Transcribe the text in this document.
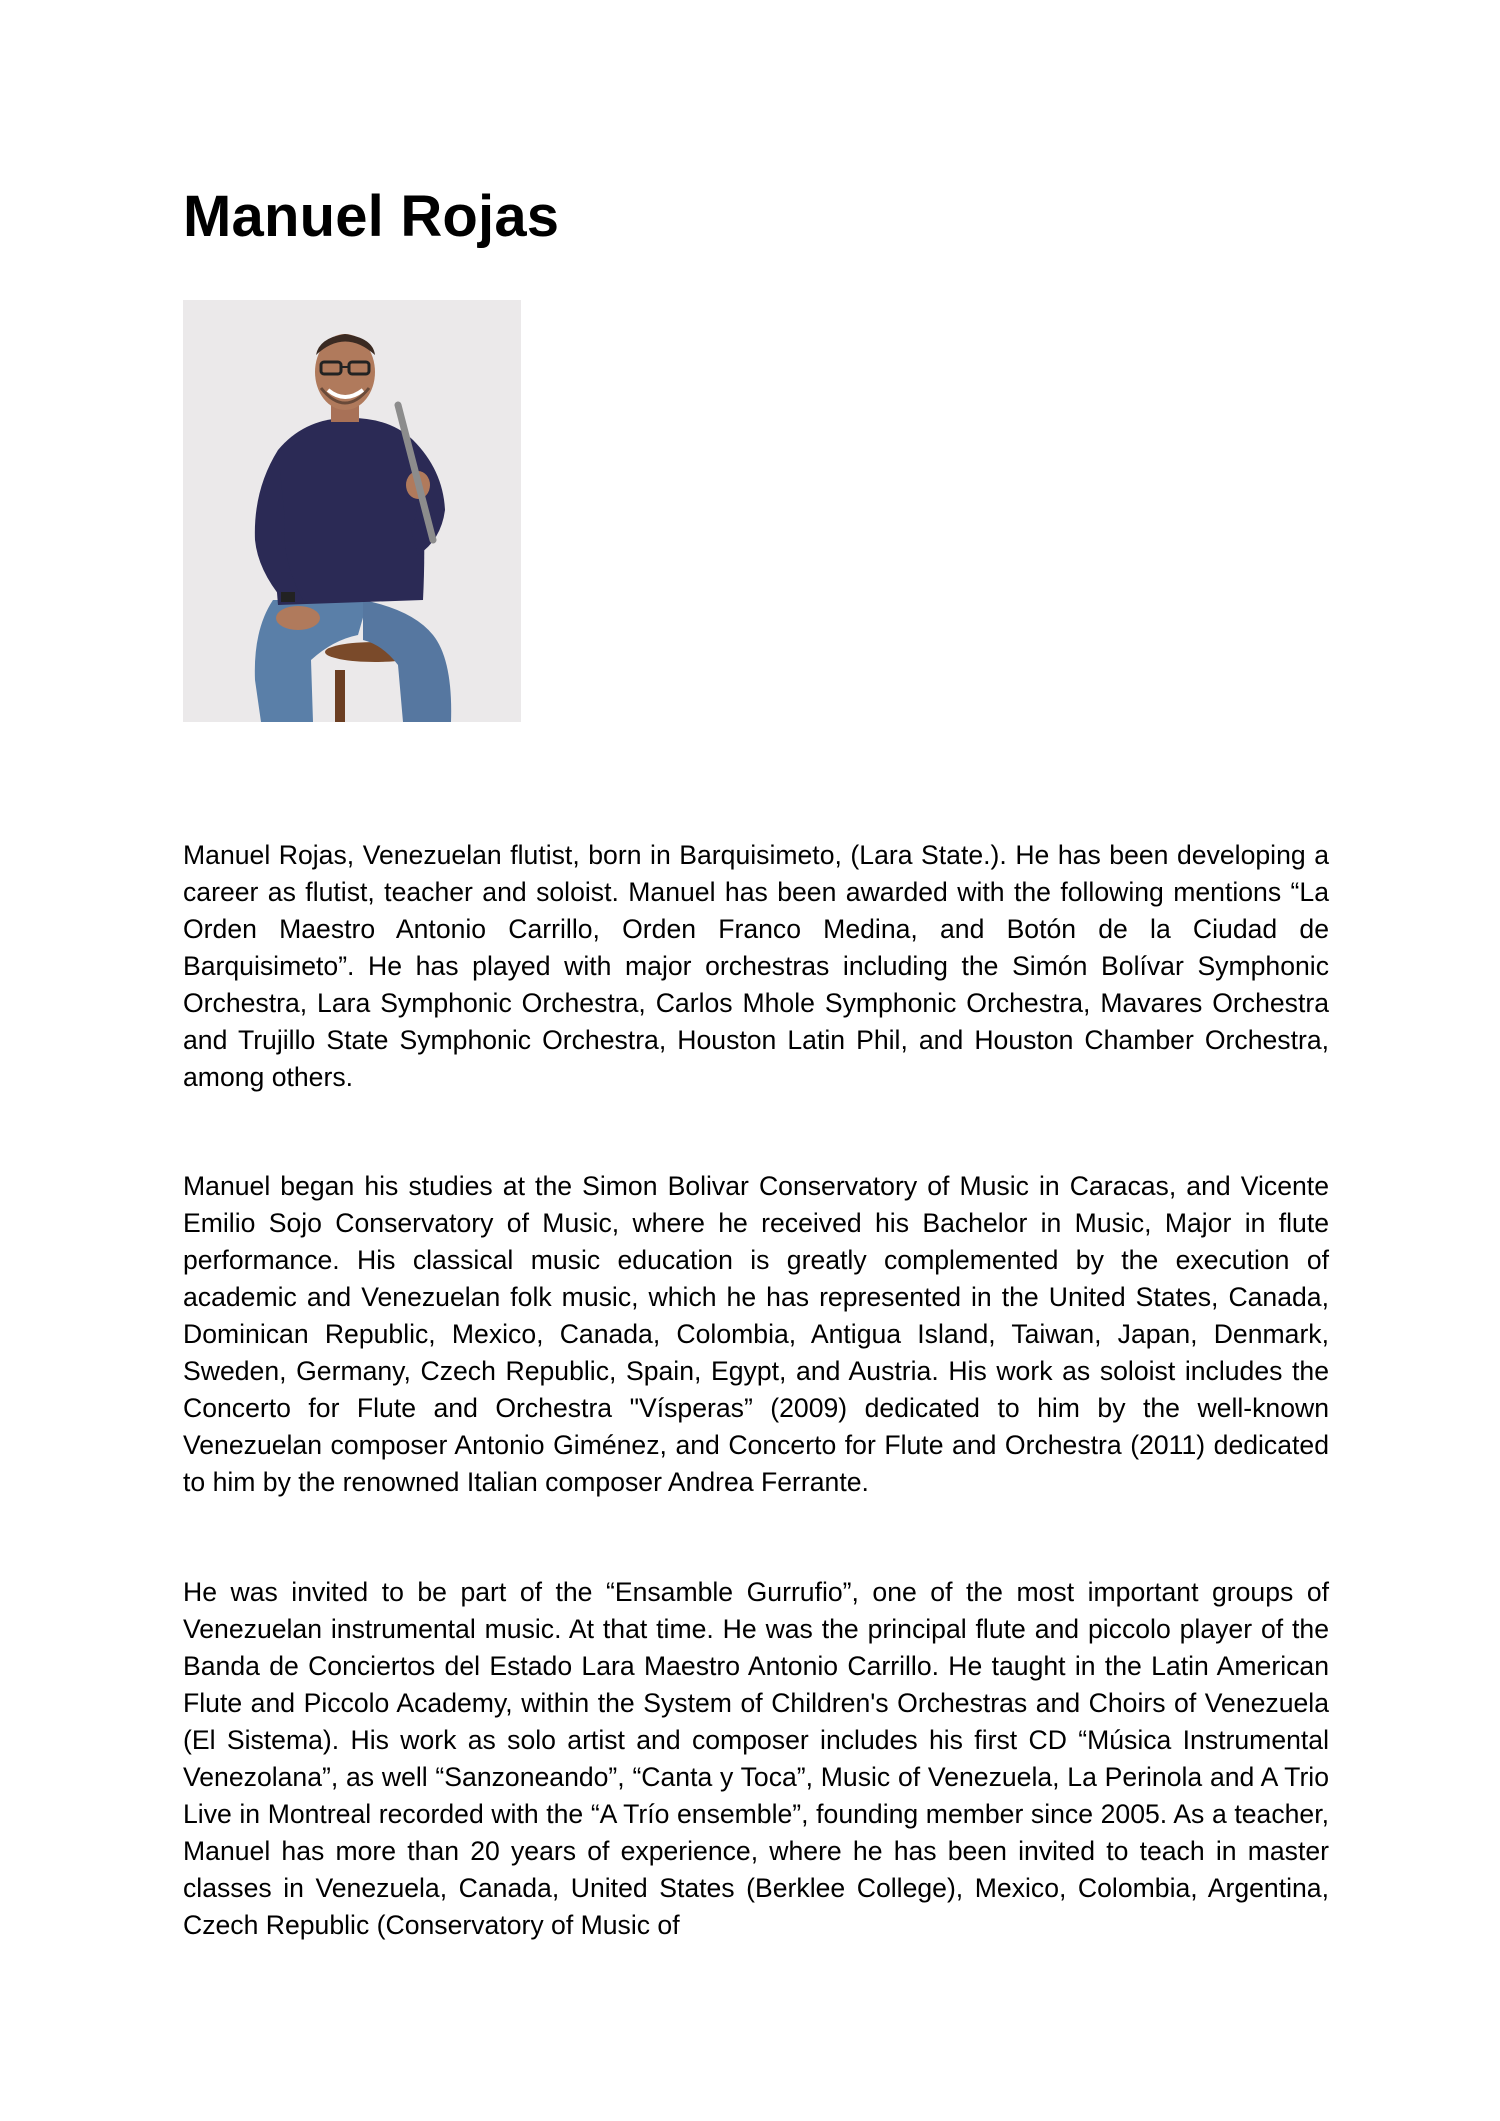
Manuel Rojas

Manuel Rojas, Venezuelan flutist, born in Barquisimeto, (Lara State.). He has been developing a career as flutist, teacher and soloist. Manuel has been awarded with the following mentions “La Orden Maestro Antonio Carrillo, Orden Franco Medina, and Botón de la Ciudad de Barquisimeto”. He has played with major orchestras including the Simón Bolívar Symphonic Orchestra, Lara Symphonic Orchestra, Carlos Mhole Symphonic Orchestra, Mavares Orchestra and Trujillo State Symphonic Orchestra, Houston Latin Phil, and Houston Chamber Orchestra, among others.

Manuel began his studies at the Simon Bolivar Conservatory of Music in Caracas, and Vicente Emilio Sojo Conservatory of Music, where he received his Bachelor in Music, Major in flute performance. His classical music education is greatly complemented by the execution of academic and Venezuelan folk music, which he has represented in the United States, Canada, Dominican Republic, Mexico, Canada, Colombia, Antigua Island, Taiwan, Japan, Denmark, Sweden, Germany, Czech Republic, Spain, Egypt, and Austria. His work as soloist includes the Concerto for Flute and Orchestra "Vísperas” (2009) dedicated to him by the well-known Venezuelan composer Antonio Giménez, and Concerto for Flute and Orchestra (2011) dedicated to him by the renowned Italian composer Andrea Ferrante.

He was invited to be part of the “Ensamble Gurrufio”, one of the most important groups of Venezuelan instrumental music. At that time. He was the principal flute and piccolo player of the Banda de Conciertos del Estado Lara Maestro Antonio Carrillo. He taught in the Latin American Flute and Piccolo Academy, within the System of Children's Orchestras and Choirs of Venezuela (El Sistema). His work as solo artist and composer includes his first CD “Música Instrumental Venezolana”, as well “Sanzoneando”, “Canta y Toca”, Music of Venezuela, La Perinola and A Trio Live in Montreal recorded with the “A Trío ensemble”, founding member since 2005. As a teacher, Manuel has more than 20 years of experience, where he has been invited to teach in master classes in Venezuela, Canada, United States (Berklee College), Mexico, Colombia, Argentina, Czech Republic (Conservatory of Music of
